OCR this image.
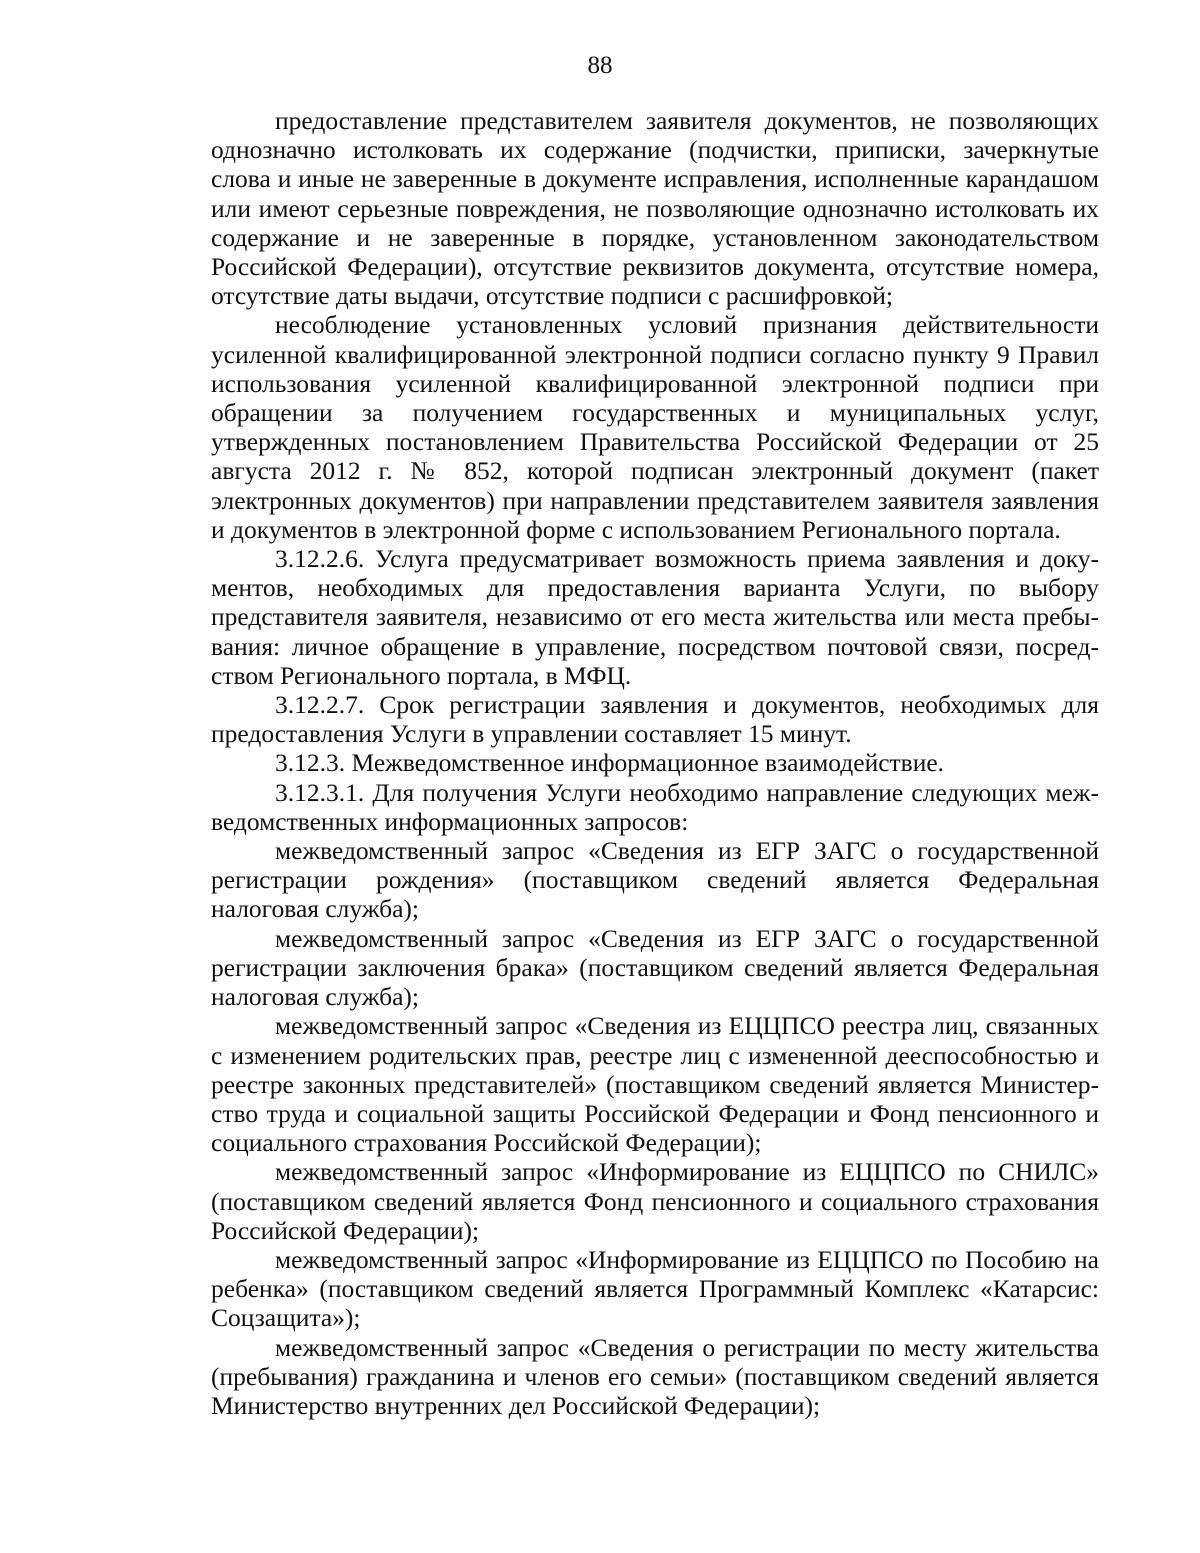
88

предоставление представителем заявителя документов, не позволяющих однозначно истолковать их содержание (подчистки, приписки, зачеркнутые слова и иные не заверенные в документе исправления, исполненные карандашом или имеют серьезные повреждения, не позволяющие однозначно истолковать их содержание и не заверенные в порядке, установленном законодательством Российской Федерации), отсутствие реквизитов документа, отсутствие номера, отсутствие даты выдачи, отсутствие подписи с расшифровкой;

несоблюдение установленных условий признания действительности усиленной квалифицированной электронной подписи согласно пункту 9 Правил использования усиленной квалифицированной электронной подписи при обращении за получением государственных и муниципальных услуг, утвержденных постановлением Правительства Российской Федерации от 25 августа 2012 г. № 852, которой подписан электронный документ (пакет электронных документов) при направлении представителем заявителя заявления и документов в электронной форме с использованием Регионального портала.

3.12.2.6. Услуга предусматривает возможность приема заявления и документов, необходимых для предоставления варианта Услуги, по выбору представителя заявителя, независимо от его места жительства или места пребывания: личное обращение в управление, посредством почтовой связи, посредством Регионального портала, в МФЦ.

3.12.2.7. Срок регистрации заявления и документов, необходимых для предоставления Услуги в управлении составляет 15 минут.

3.12.3. Межведомственное информационное взаимодействие.

3.12.3.1. Для получения Услуги необходимо направление следующих межведомственных информационных запросов:

межведомственный запрос «Сведения из ЕГР ЗАГС о государственной регистрации рождения» (поставщиком сведений является Федеральная налоговая служба);

межведомственный запрос «Сведения из ЕГР ЗАГС о государственной регистрации заключения брака» (поставщиком сведений является Федеральная налоговая служба);

межведомственный запрос «Сведения из ЕЦЦПСО реестра лиц, связанных с изменением родительских прав, реестре лиц с измененной дееспособностью и реестре законных представителей» (поставщиком сведений является Министерство труда и социальной защиты Российской Федерации и Фонд пенсионного и социального страхования Российской Федерации);

межведомственный запрос «Информирование из ЕЦЦПСО по СНИЛС» (поставщиком сведений является Фонд пенсионного и социального страхования Российской Федерации);

межведомственный запрос «Информирование из ЕЦЦПСО по Пособию на ребенка» (поставщиком сведений является Программный Комплекс «Катарсис: Соцзащита»);

межведомственный запрос «Сведения о регистрации по месту жительства (пребывания) гражданина и членов его семьи» (поставщиком сведений является Министерство внутренних дел Российской Федерации);
